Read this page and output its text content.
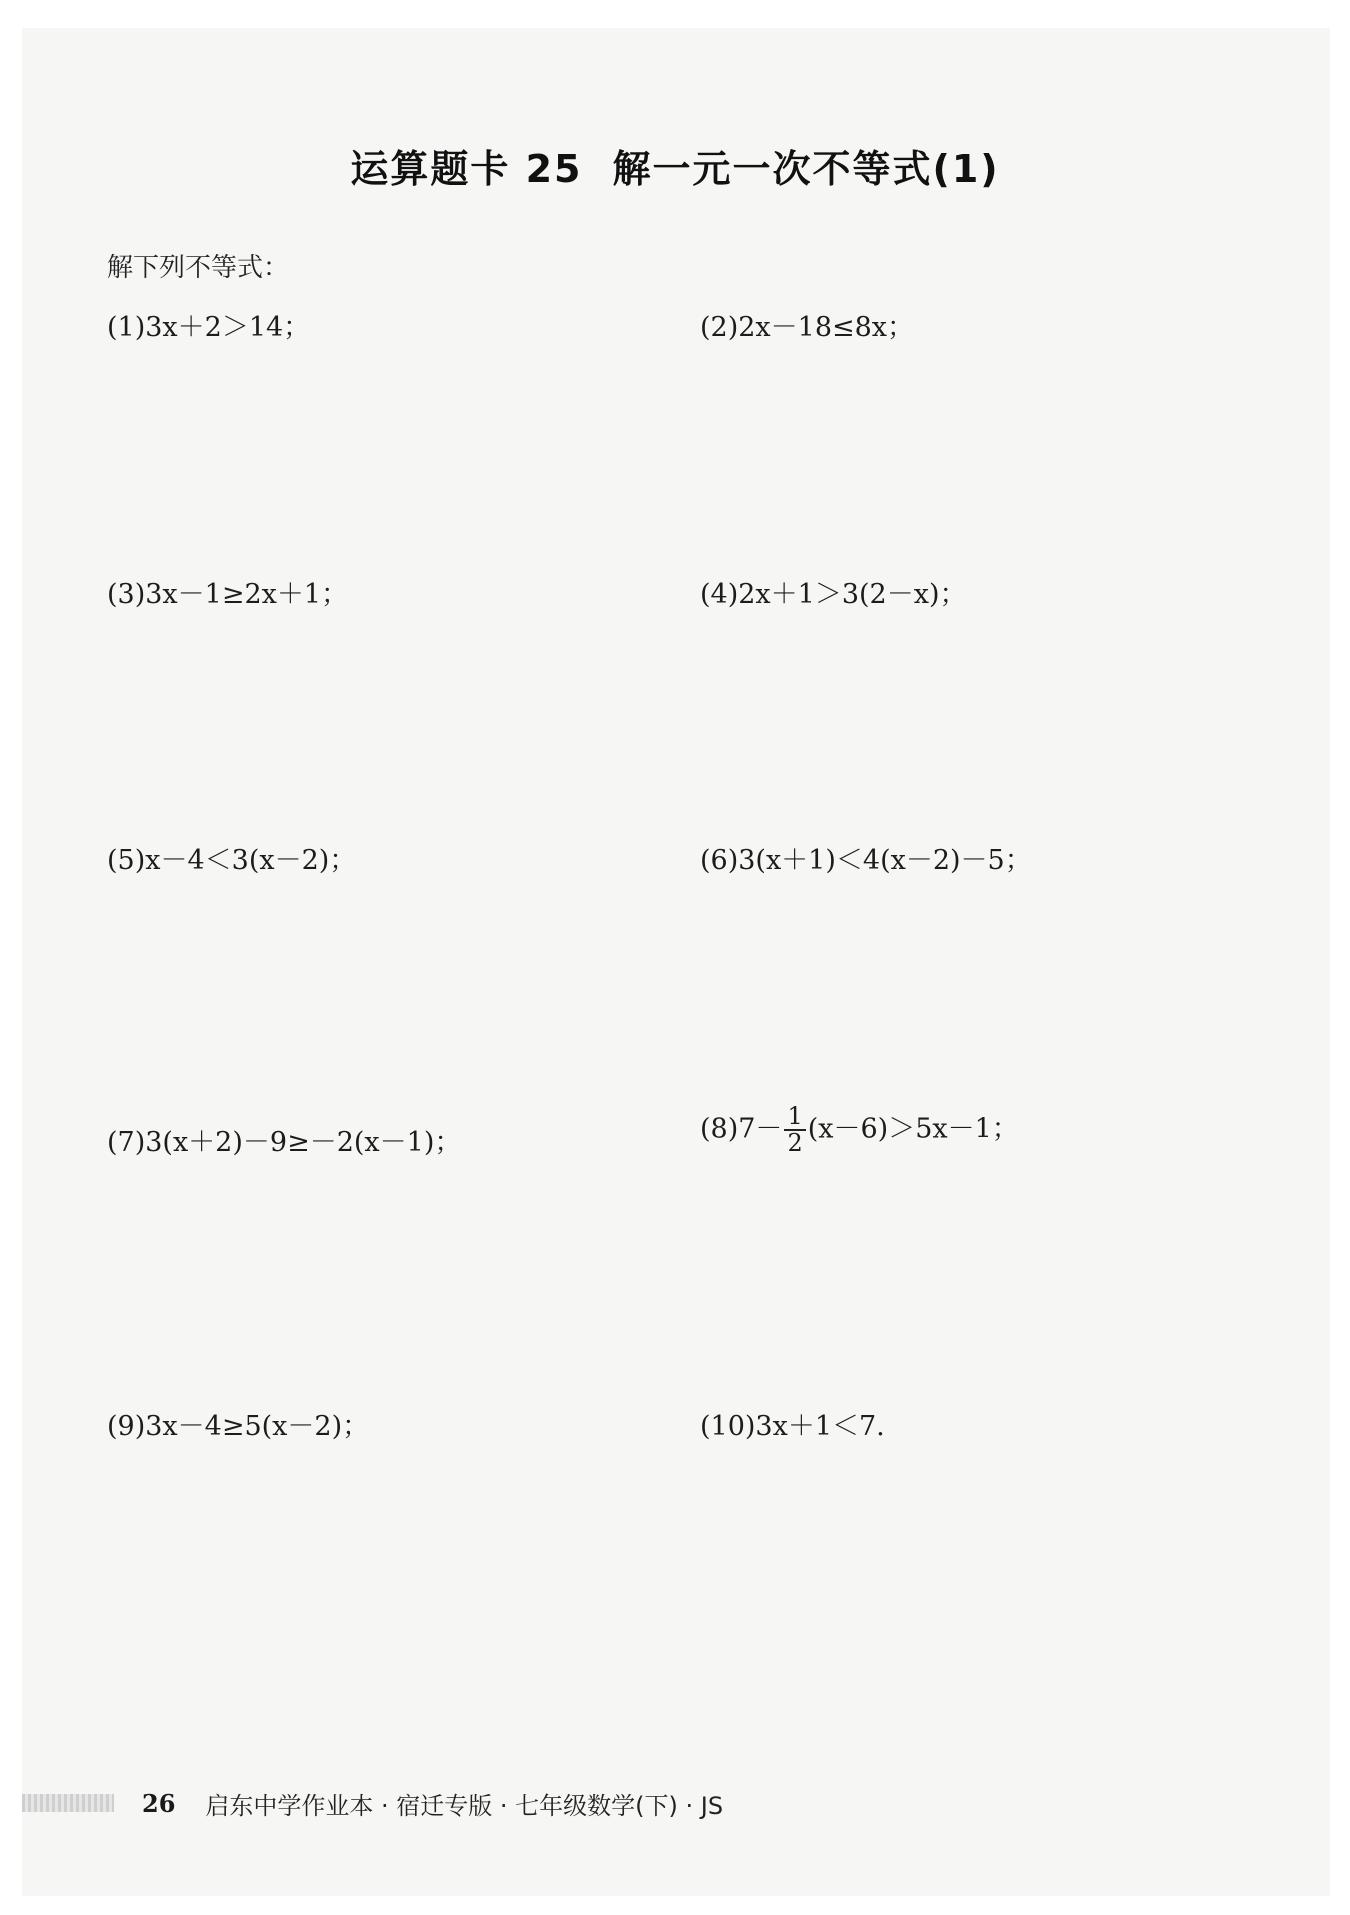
运算题卡 25 解一元一次不等式(1)
解下列不等式：
(1)3x＋2＞14；	(2)2x－18≤8x；
(3)3x－1≥2x＋1；	(4)2x＋1＞3(2－x)；
(5)x－4＜3(x－2)；	(6)3(x＋1)＜4(x－2)－5；
(7)3(x＋2)－9≥－2(x－1)；	$(8)7- \frac{1}{2} (x-6)>5x-1$；
(9)3x－4≥5(x－2)；	(10)3x＋1＜7.
26 启东中学作业本 · 宿迁专版 · 七年级数学(下) · JS
